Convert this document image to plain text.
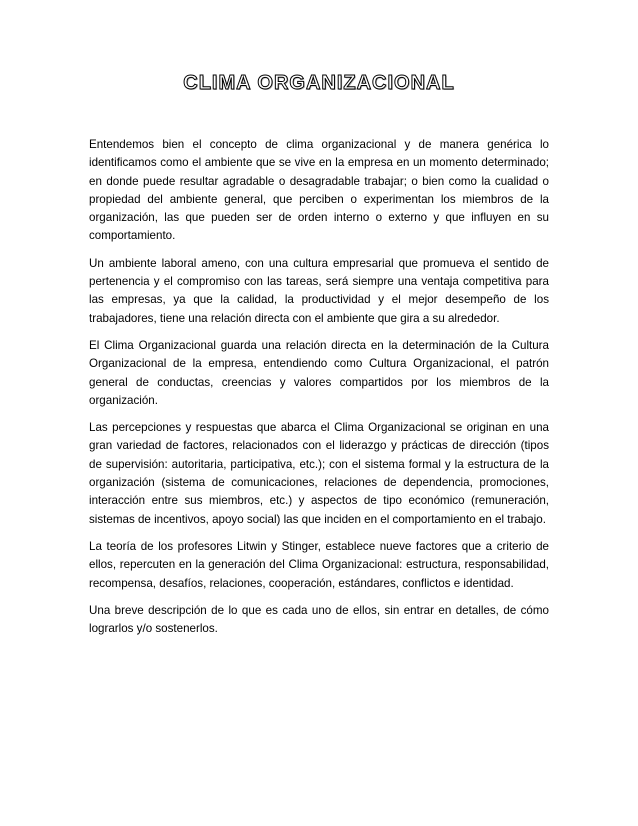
CLIMA ORGANIZACIONAL

Entendemos bien el concepto de clima organizacional y de manera genérica lo identificamos como el ambiente que se vive en la empresa en un momento determinado; en donde puede resultar agradable o desagradable trabajar; o bien como la cualidad o propiedad del ambiente general, que perciben o experimentan los miembros de la organización, las que pueden ser de orden interno o externo y que influyen en su comportamiento.

Un ambiente laboral ameno, con una cultura empresarial que promueva el sentido de pertenencia y el compromiso con las tareas, será siempre una ventaja competitiva para las empresas, ya que la calidad, la productividad y el mejor desempeño de los trabajadores, tiene una relación directa con el ambiente que gira a su alrededor.

El Clima Organizacional guarda una relación directa en la determinación de la Cultura Organizacional de la empresa, entendiendo como Cultura Organizacional, el patrón general de conductas, creencias y valores compartidos por los miembros de la organización.

Las percepciones y respuestas que abarca el Clima Organizacional se originan en una gran variedad de factores, relacionados con el liderazgo y prácticas de dirección (tipos de supervisión: autoritaria, participativa, etc.); con el sistema formal y la estructura de la organización (sistema de comunicaciones, relaciones de dependencia, promociones, interacción entre sus miembros, etc.) y aspectos de tipo económico (remuneración, sistemas de incentivos, apoyo social) las que inciden en el comportamiento en el trabajo.

La teoría de los profesores Litwin y Stinger, establece nueve factores que a criterio de ellos, repercuten en la generación del Clima Organizacional: estructura, responsabilidad, recompensa, desafíos, relaciones, cooperación, estándares, conflictos e identidad.

Una breve descripción de lo que es cada uno de ellos, sin entrar en detalles, de cómo lograrlos y/o sostenerlos.
